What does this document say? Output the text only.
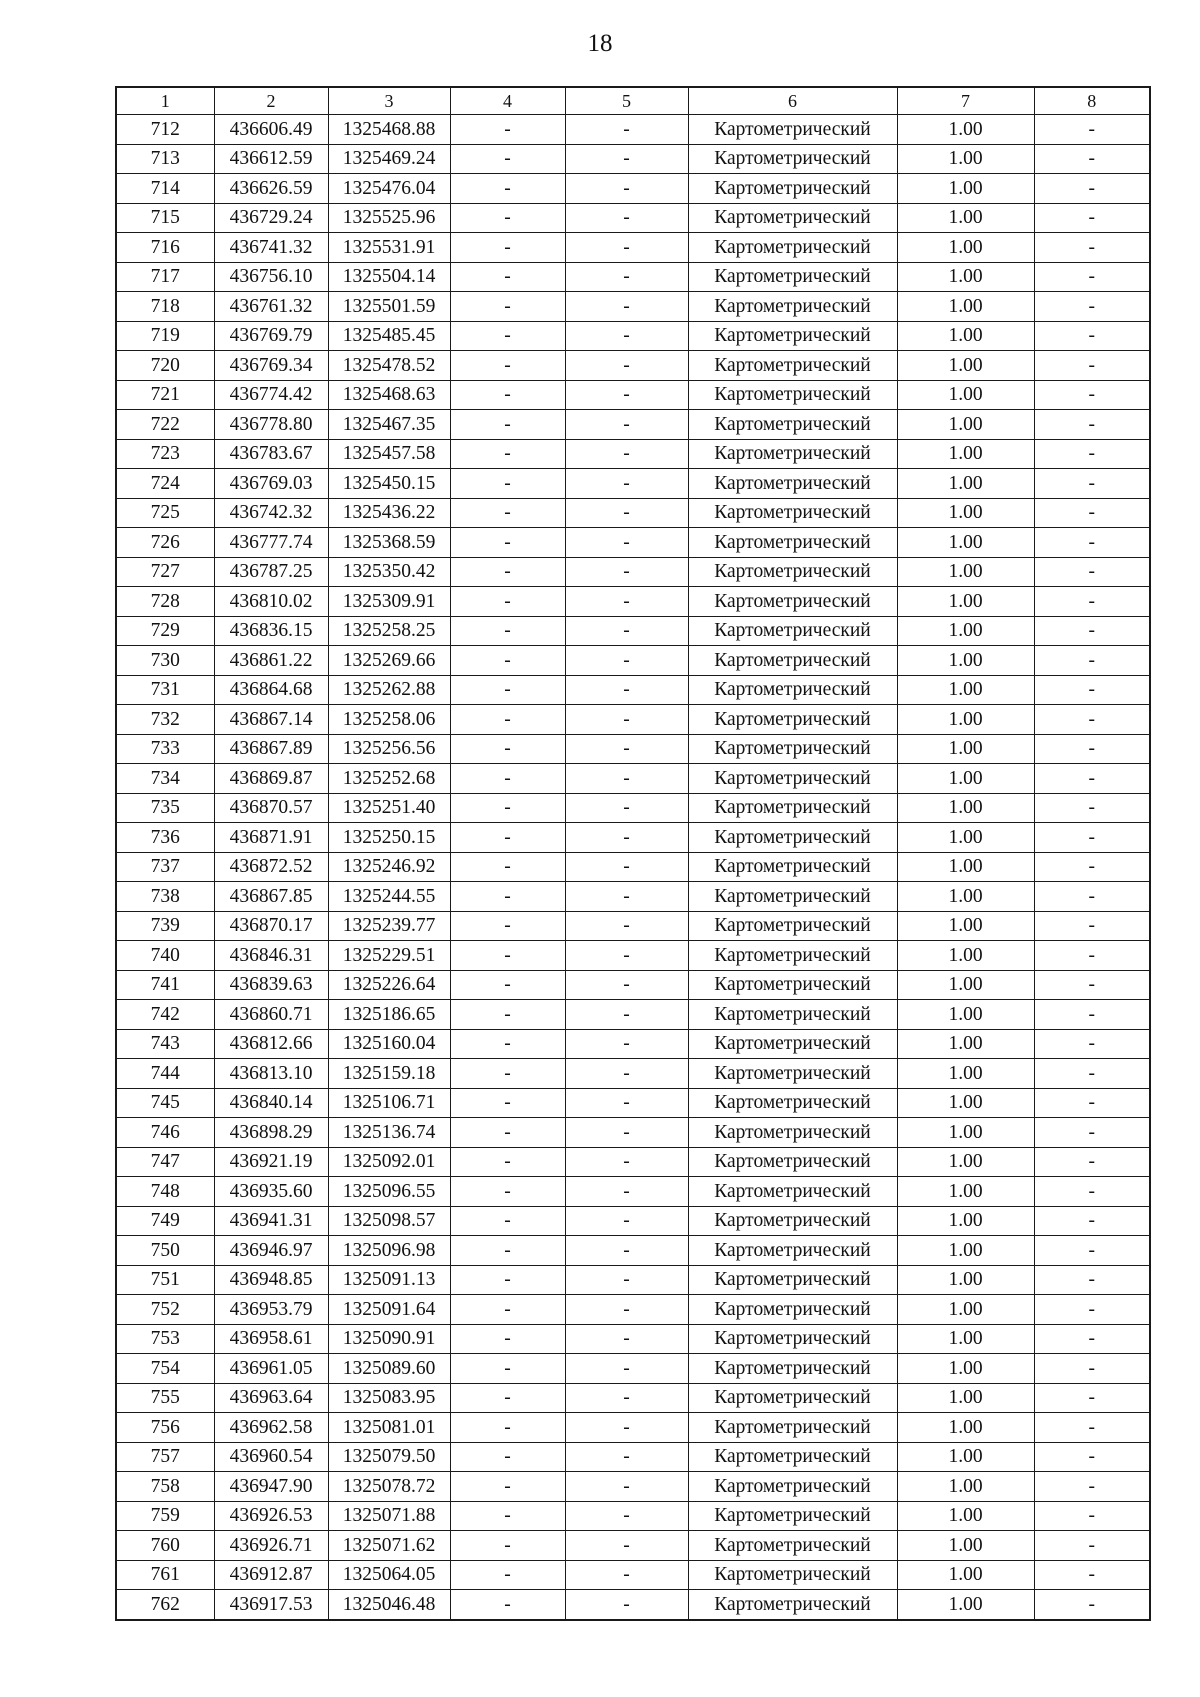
18
1	2	3	4	5	6	7	8
712	436606.49	1325468.88	-	-	Картометрический	1.00	-
713	436612.59	1325469.24	-	-	Картометрический	1.00	-
714	436626.59	1325476.04	-	-	Картометрический	1.00	-
715	436729.24	1325525.96	-	-	Картометрический	1.00	-
716	436741.32	1325531.91	-	-	Картометрический	1.00	-
717	436756.10	1325504.14	-	-	Картометрический	1.00	-
718	436761.32	1325501.59	-	-	Картометрический	1.00	-
719	436769.79	1325485.45	-	-	Картометрический	1.00	-
720	436769.34	1325478.52	-	-	Картометрический	1.00	-
721	436774.42	1325468.63	-	-	Картометрический	1.00	-
722	436778.80	1325467.35	-	-	Картометрический	1.00	-
723	436783.67	1325457.58	-	-	Картометрический	1.00	-
724	436769.03	1325450.15	-	-	Картометрический	1.00	-
725	436742.32	1325436.22	-	-	Картометрический	1.00	-
726	436777.74	1325368.59	-	-	Картометрический	1.00	-
727	436787.25	1325350.42	-	-	Картометрический	1.00	-
728	436810.02	1325309.91	-	-	Картометрический	1.00	-
729	436836.15	1325258.25	-	-	Картометрический	1.00	-
730	436861.22	1325269.66	-	-	Картометрический	1.00	-
731	436864.68	1325262.88	-	-	Картометрический	1.00	-
732	436867.14	1325258.06	-	-	Картометрический	1.00	-
733	436867.89	1325256.56	-	-	Картометрический	1.00	-
734	436869.87	1325252.68	-	-	Картометрический	1.00	-
735	436870.57	1325251.40	-	-	Картометрический	1.00	-
736	436871.91	1325250.15	-	-	Картометрический	1.00	-
737	436872.52	1325246.92	-	-	Картометрический	1.00	-
738	436867.85	1325244.55	-	-	Картометрический	1.00	-
739	436870.17	1325239.77	-	-	Картометрический	1.00	-
740	436846.31	1325229.51	-	-	Картометрический	1.00	-
741	436839.63	1325226.64	-	-	Картометрический	1.00	-
742	436860.71	1325186.65	-	-	Картометрический	1.00	-
743	436812.66	1325160.04	-	-	Картометрический	1.00	-
744	436813.10	1325159.18	-	-	Картометрический	1.00	-
745	436840.14	1325106.71	-	-	Картометрический	1.00	-
746	436898.29	1325136.74	-	-	Картометрический	1.00	-
747	436921.19	1325092.01	-	-	Картометрический	1.00	-
748	436935.60	1325096.55	-	-	Картометрический	1.00	-
749	436941.31	1325098.57	-	-	Картометрический	1.00	-
750	436946.97	1325096.98	-	-	Картометрический	1.00	-
751	436948.85	1325091.13	-	-	Картометрический	1.00	-
752	436953.79	1325091.64	-	-	Картометрический	1.00	-
753	436958.61	1325090.91	-	-	Картометрический	1.00	-
754	436961.05	1325089.60	-	-	Картометрический	1.00	-
755	436963.64	1325083.95	-	-	Картометрический	1.00	-
756	436962.58	1325081.01	-	-	Картометрический	1.00	-
757	436960.54	1325079.50	-	-	Картометрический	1.00	-
758	436947.90	1325078.72	-	-	Картометрический	1.00	-
759	436926.53	1325071.88	-	-	Картометрический	1.00	-
760	436926.71	1325071.62	-	-	Картометрический	1.00	-
761	436912.87	1325064.05	-	-	Картометрический	1.00	-
762	436917.53	1325046.48	-	-	Картометрический	1.00	-
